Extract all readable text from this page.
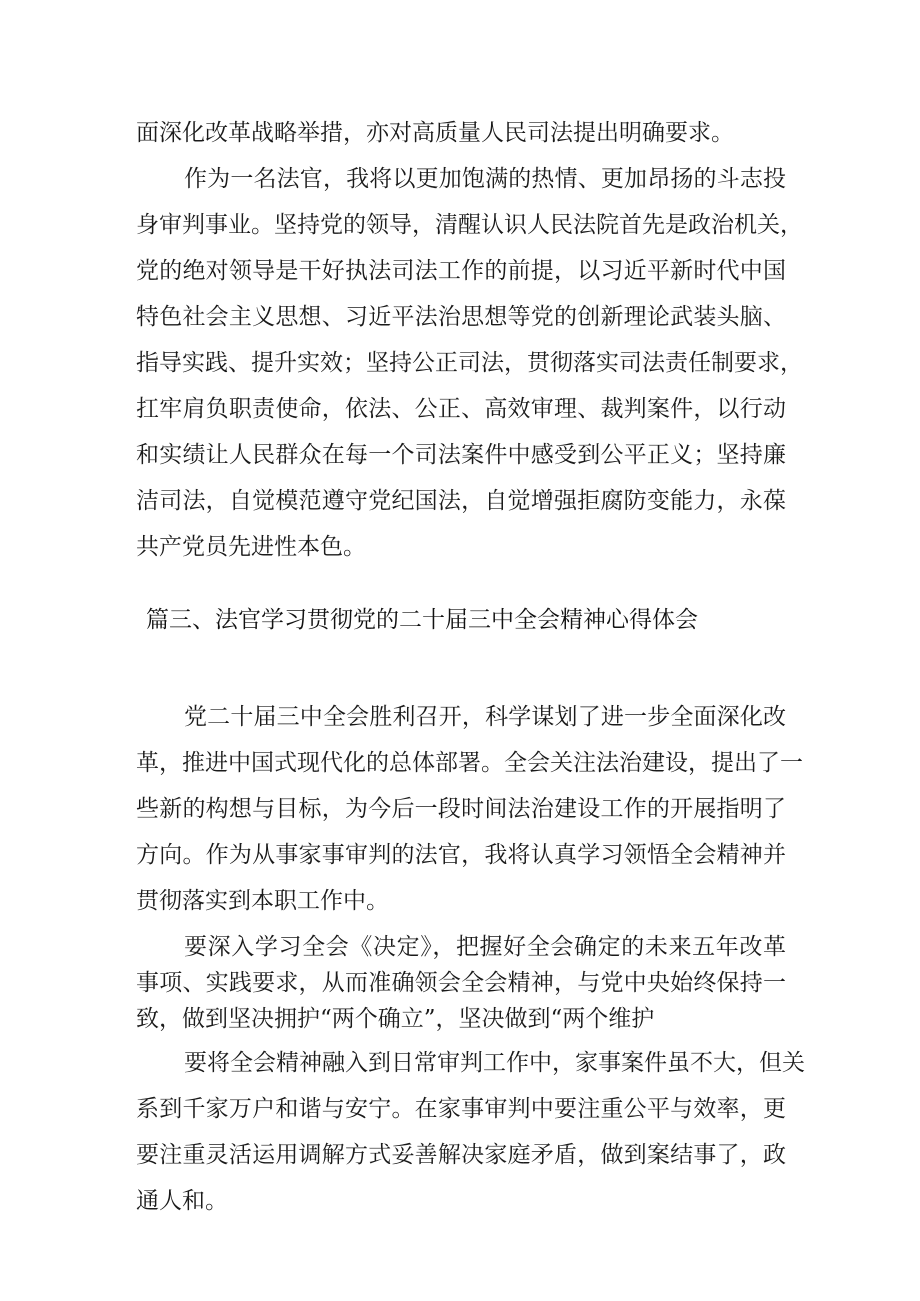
面深化改革战略举措，亦对高质量人民司法提出明确要求。
作为一名法官，我将以更加饱满的热情、更加昂扬的斗志投
身审判事业。坚持党的领导，清醒认识人民法院首先是政治机关，
党的绝对领导是干好执法司法工作的前提，以习近平新时代中国
特色社会主义思想、习近平法治思想等党的创新理论武装头脑、
指导实践、提升实效；坚持公正司法，贯彻落实司法责任制要求，
扛牢肩负职责使命，依法、公正、高效审理、裁判案件，以行动
和实绩让人民群众在每一个司法案件中感受到公平正义；坚持廉
洁司法，自觉模范遵守党纪国法，自觉增强拒腐防变能力，永葆
共产党员先进性本色。
篇三、法官学习贯彻党的二十届三中全会精神心得体会
党二十届三中全会胜利召开，科学谋划了进一步全面深化改
革，推进中国式现代化的总体部署。全会关注法治建设，提出了一
些新的构想与目标，为今后一段时间法治建设工作的开展指明了
方向。作为从事家事审判的法官，我将认真学习领悟全会精神并
贯彻落实到本职工作中。
要深入学习全会《决定》，把握好全会确定的未来五年改革
事项、实践要求，从而准确领会全会精神，与党中央始终保持一
致，做到坚决拥护“两个确立”，坚决做到“两个维护
要将全会精神融入到日常审判工作中，家事案件虽不大，但关
系到千家万户和谐与安宁。在家事审判中要注重公平与效率，更
要注重灵活运用调解方式妥善解决家庭矛盾，做到案结事了，政
通人和。
